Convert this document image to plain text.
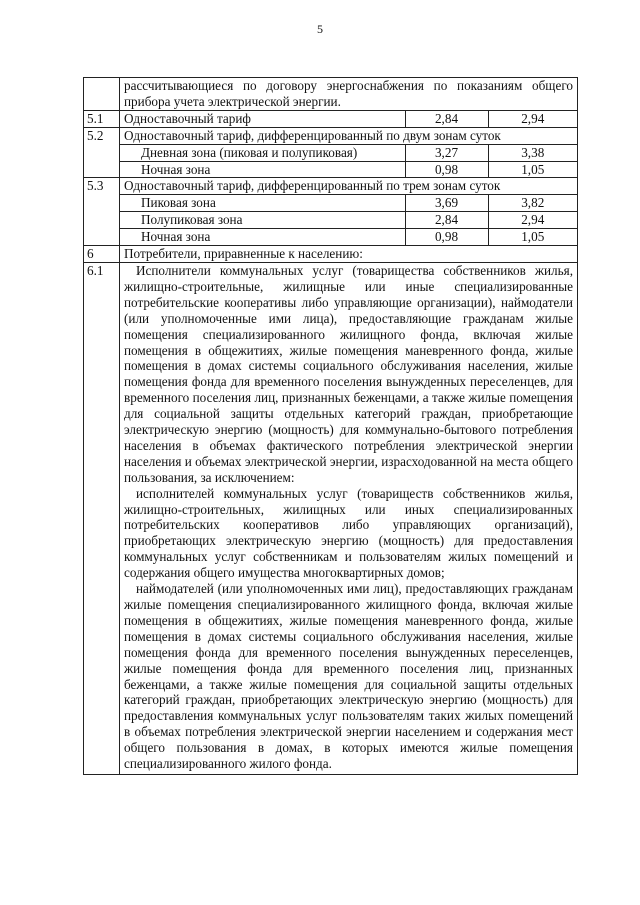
5
	рассчитывающиеся по договору энергоснабжения по показаниям общего прибора учета электрической энергии.
5.1	Одноставочный тариф	2,84	2,94

5.2	Одноставочный тариф, дифференцированный по двум зонам суток
Дневная зона (пиковая и полупиковая)	3,27	3,38
Ночная зона	0,98	1,05

5.3	Одноставочный тариф, дифференцированный по трем зонам суток
Пиковая зона	3,69	3,82
Полупиковая зона	2,84	2,94
Ночная зона	0,98	1,05

6	Потребители, приравненные к населению:
6.1	Исполнители коммунальных услуг (товарищества собственников жилья, жилищно-строительные, жилищные или иные специализированные потребительские кооперативы либо управляющие организации), наймодатели (или уполномоченные ими лица), предоставляющие гражданам жилые помещения специализированного жилищного фонда, включая жилые помещения в общежитиях, жилые помещения маневренного фонда, жилые помещения в домах системы социального обслуживания населения, жилые помещения фонда для временного поселения вынужденных переселенцев, для временного поселения лиц, признанных беженцами, а также жилые помещения для социальной защиты отдельных категорий граждан, приобретающие электрическую энергию (мощность) для коммунально-бытового потребления населения в объемах фактического потребления электрической энергии населения и объемах электрической энергии, израсходованной на места общего пользования, за исключением:

исполнителей коммунальных услуг (товариществ собственников жилья, жилищно-строительных, жилищных или иных специализированных потребительских кооперативов либо управляющих организаций), приобретающих электрическую энергию (мощность) для предоставления коммунальных услуг собственникам и пользователям жилых помещений и содержания общего имущества многоквартирных домов;

наймодателей (или уполномоченных ими лиц), предоставляющих гражданам жилые помещения специализированного жилищного фонда, включая жилые помещения в общежитиях, жилые помещения маневренного фонда, жилые помещения в домах системы социального обслуживания населения, жилые помещения фонда для временного поселения вынужденных переселенцев, жилые помещения фонда для временного поселения лиц, признанных беженцами, а также жилые помещения для социальной защиты отдельных категорий граждан, приобретающих электрическую энергию (мощность) для предоставления коммунальных услуг пользователям таких жилых помещений в объемах потребления электрической энергии населением и содержания мест общего пользования в домах, в которых имеются жилые помещения специализированного жилого фонда.
